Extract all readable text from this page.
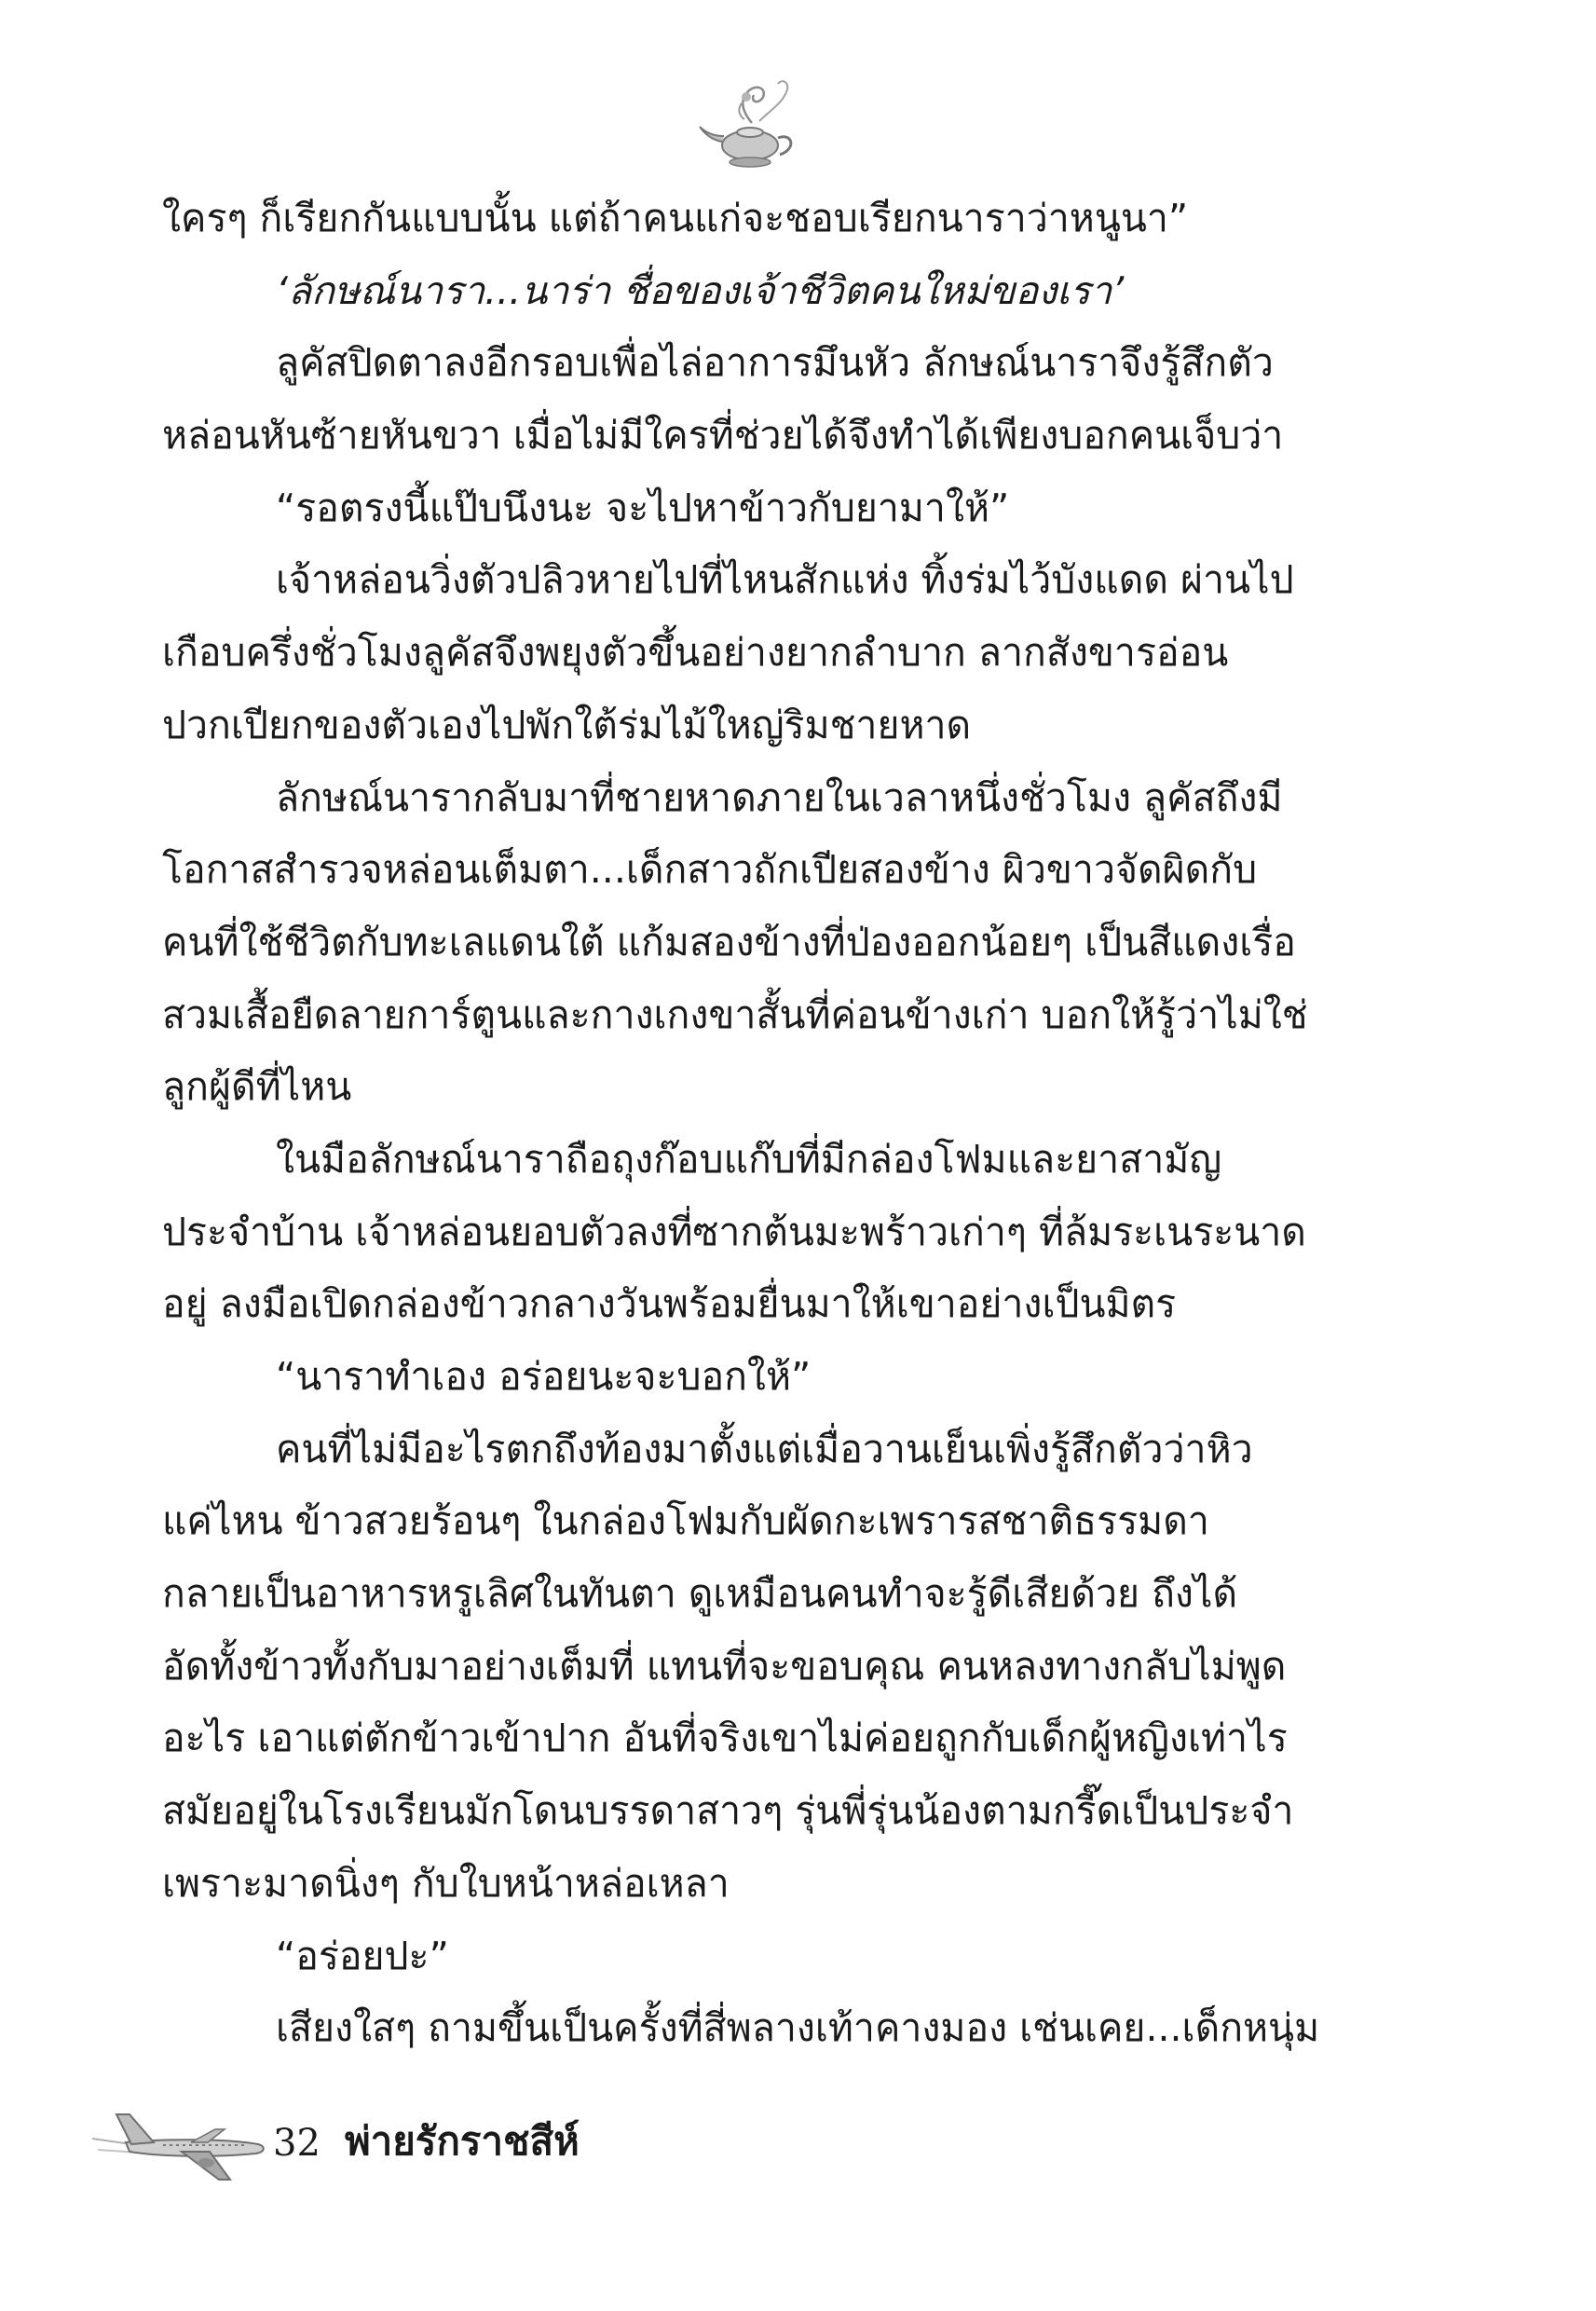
ใครๆ ก็เรียกกันแบบนั้น แต่ถ้าคนแก่จะชอบเรียกนาราว่าหนูนา”
‘ลักษณ์นารา...นาร่า ชื่อของเจ้าชีวิตคนใหม่ของเรา’
ลูคัสปิดตาลงอีกรอบเพื่อไล่อาการมึนหัว ลักษณ์นาราจึงรู้สึกตัว
หล่อนหันซ้ายหันขวา เมื่อไม่มีใครที่ช่วยได้จึงทำได้เพียงบอกคนเจ็บว่า
“รอตรงนี้แป๊บนึงนะ จะไปหาข้าวกับยามาให้”
เจ้าหล่อนวิ่งตัวปลิวหายไปที่ไหนสักแห่ง ทิ้งร่มไว้บังแดด ผ่านไป
เกือบครึ่งชั่วโมงลูคัสจึงพยุงตัวขึ้นอย่างยากลำบาก ลากสังขารอ่อน
ปวกเปียกของตัวเองไปพักใต้ร่มไม้ใหญ่ริมชายหาด
ลักษณ์นารากลับมาที่ชายหาดภายในเวลาหนึ่งชั่วโมง ลูคัสถึงมี
โอกาสสำรวจหล่อนเต็มตา...เด็กสาวถักเปียสองข้าง ผิวขาวจัดผิดกับ
คนที่ใช้ชีวิตกับทะเลแดนใต้ แก้มสองข้างที่ป่องออกน้อยๆ เป็นสีแดงเรื่อ
สวมเสื้อยืดลายการ์ตูนและกางเกงขาสั้นที่ค่อนข้างเก่า บอกให้รู้ว่าไม่ใช่
ลูกผู้ดีที่ไหน
ในมือลักษณ์นาราถือถุงก๊อบแก๊บที่มีกล่องโฟมและยาสามัญ
ประจำบ้าน เจ้าหล่อนยอบตัวลงที่ซากต้นมะพร้าวเก่าๆ ที่ล้มระเนระนาด
อยู่ ลงมือเปิดกล่องข้าวกลางวันพร้อมยื่นมาให้เขาอย่างเป็นมิตร
“นาราทำเอง อร่อยนะจะบอกให้”
คนที่ไม่มีอะไรตกถึงท้องมาตั้งแต่เมื่อวานเย็นเพิ่งรู้สึกตัวว่าหิว
แค่ไหน ข้าวสวยร้อนๆ ในกล่องโฟมกับผัดกะเพรารสชาติธรรมดา
กลายเป็นอาหารหรูเลิศในทันตา ดูเหมือนคนทำจะรู้ดีเสียด้วย ถึงได้
อัดทั้งข้าวทั้งกับมาอย่างเต็มที่ แทนที่จะขอบคุณ คนหลงทางกลับไม่พูด
อะไร เอาแต่ตักข้าวเข้าปาก อันที่จริงเขาไม่ค่อยถูกกับเด็กผู้หญิงเท่าไร
สมัยอยู่ในโรงเรียนมักโดนบรรดาสาวๆ รุ่นพี่รุ่นน้องตามกรี๊ดเป็นประจำ
เพราะมาดนิ่งๆ กับใบหน้าหล่อเหลา
“อร่อยปะ”
เสียงใสๆ ถามขึ้นเป็นครั้งที่สี่พลางเท้าคางมอง เช่นเคย...เด็กหนุ่ม
32 พ่ายรักราชสีห์
